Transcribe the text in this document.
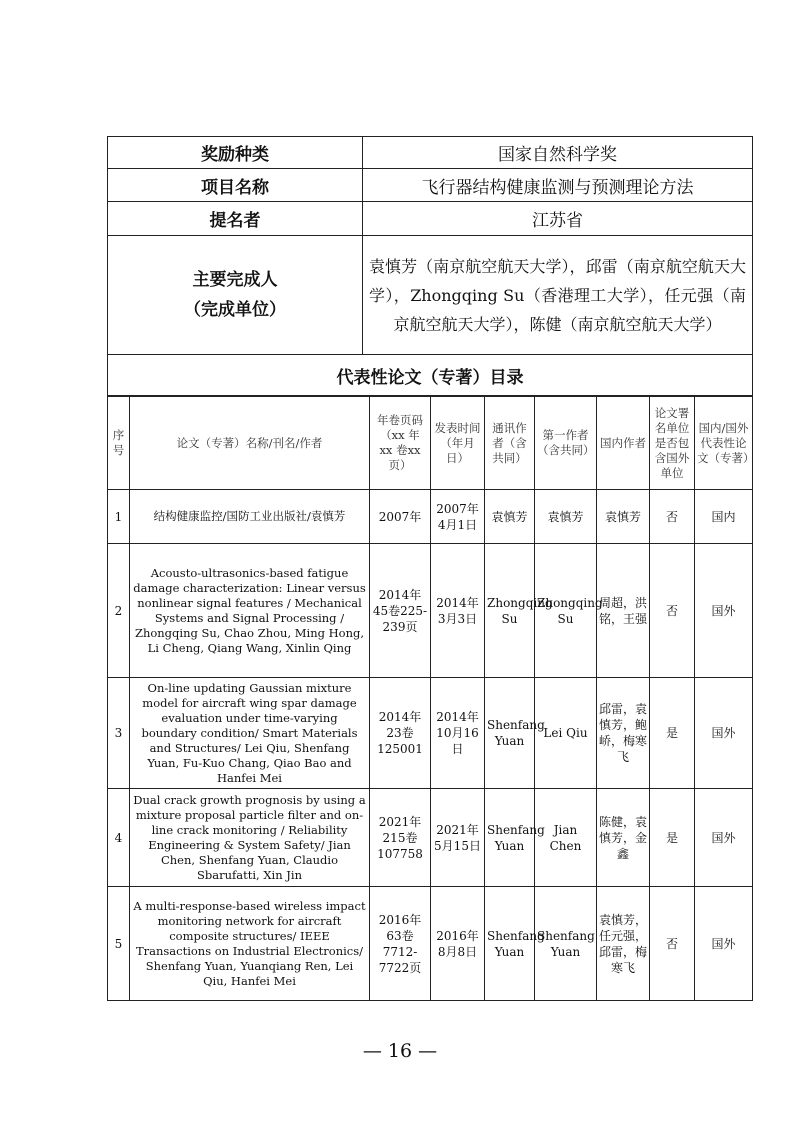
奖励种类	国家自然科学奖
项目名称	飞行器结构健康监测与预测理论方法
提名者	江苏省

主要完成人
（完成单位）	袁慎芳（南京航空航天大学），邱雷（南京航空航天大学），Zhongqing Su（香港理工大学），任元强（南京航空航天大学），陈健（南京航空航天大学）
代表性论文（专著）目录	
序号	论文（专著）名称/刊名/作者	年卷页码（xx 年 xx 卷xx页）	发表时间（年月日）	通讯作者（含共同）	第一作者（含共同）	国内作者	论文署名单位是否包含国外单位	国内/国外代表性论文（专著）
1	结构健康监控/国防工业出版社/袁慎芳	2007年	2007年4月1日	袁慎芳	袁慎芳	袁慎芳	否	国内
2	Acousto-ultrasonics-based fatigue damage characterization: Linear versus nonlinear signal features / Mechanical Systems and Signal Processing / Zhongqing Su, Chao Zhou, Ming Hong, Li Cheng, Qiang Wang, Xinlin Qing	2014年45卷225-239页	2014年3月3日	Zhongqing Su	Zhongqing Su	周超，洪铭，王强	否	国外
3	On-line updating Gaussian mixture model for aircraft wing spar damage evaluation under time-varying boundary condition/ Smart Materials and Structures/ Lei Qiu, Shenfang Yuan, Fu-Kuo Chang, Qiao Bao and Hanfei Mei	2014年23卷125001	2014年10月16日	Shenfang Yuan	Lei Qiu	邱雷，袁慎芳，鲍峤，梅寒飞	是	国外
4	Dual crack growth prognosis by using a mixture proposal particle filter and on-line crack monitoring / Reliability Engineering & System Safety/ Jian Chen, Shenfang Yuan, Claudio Sbarufatti, Xin Jin	2021年215卷107758	2021年5月15日	Shenfang Yuan	Jian Chen	陈健，袁慎芳，金鑫	是	国外
5	A multi-response-based wireless impact monitoring network for aircraft composite structures/ IEEE Transactions on Industrial Electronics/ Shenfang Yuan, Yuanqiang Ren, Lei Qiu, Hanfei Mei	2016年63卷7712-7722页	2016年8月8日	Shenfang Yuan	Shenfang Yuan	袁慎芳，任元强，邱雷，梅寒飞	否	国外
— 16 —
